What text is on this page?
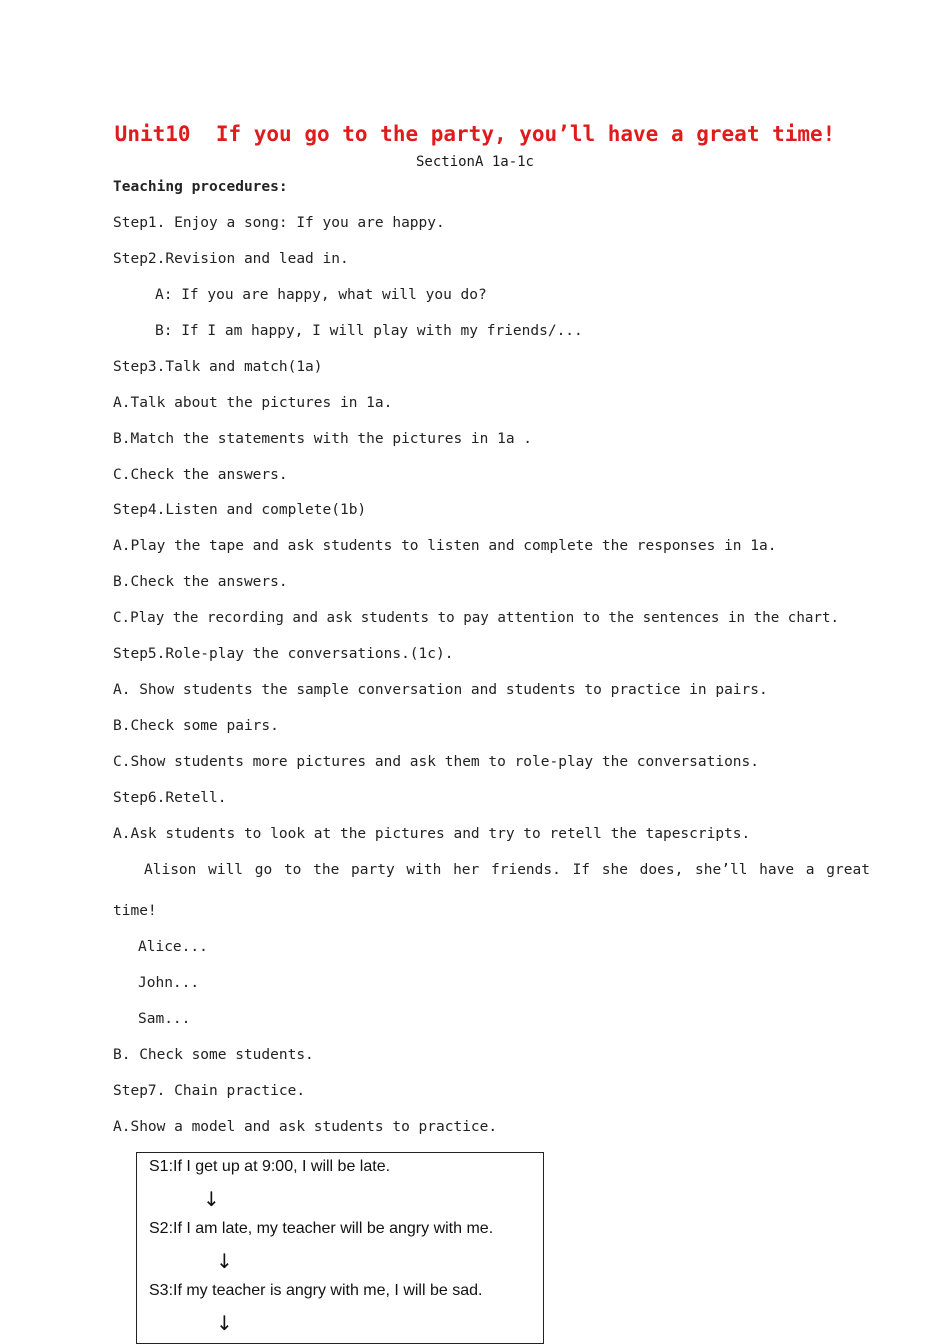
Unit10  If you go to the party, you’ll have a great time!
SectionA 1a-1c
Teaching procedures:
Step1. Enjoy a song: If you are happy.
Step2.Revision and lead in.
A: If you are happy, what will you do?
B: If I am happy, I will play with my friends/...
Step3.Talk and match(1a)
A.Talk about the pictures in 1a.
B.Match the statements with the pictures in 1a .
C.Check the answers.
Step4.Listen and complete(1b)
A.Play the tape and ask students to listen and complete the responses in 1a.
B.Check the answers.
C.Play the recording and ask students to pay attention to the sentences in the chart.
Step5.Role-play the conversations.(1c).
A. Show students the sample conversation and students to practice in pairs.
B.Check some pairs.
C.Show students more pictures and ask them to role-play the conversations.
Step6.Retell.
A.Ask students to look at the pictures and try to retell the tapescripts.
Alison will go to the party with her friends. If she does, she’ll have a great
time!
Alice...
John...
Sam...
B. Check some students.
Step7. Chain practice.
A.Show a model and ask students to practice.
S1:If I get up at 9:00, I will be late.
↓
S2:If I am late, my teacher will be angry with me.
↓
S3:If my teacher is angry with me, I will be sad.
↓
